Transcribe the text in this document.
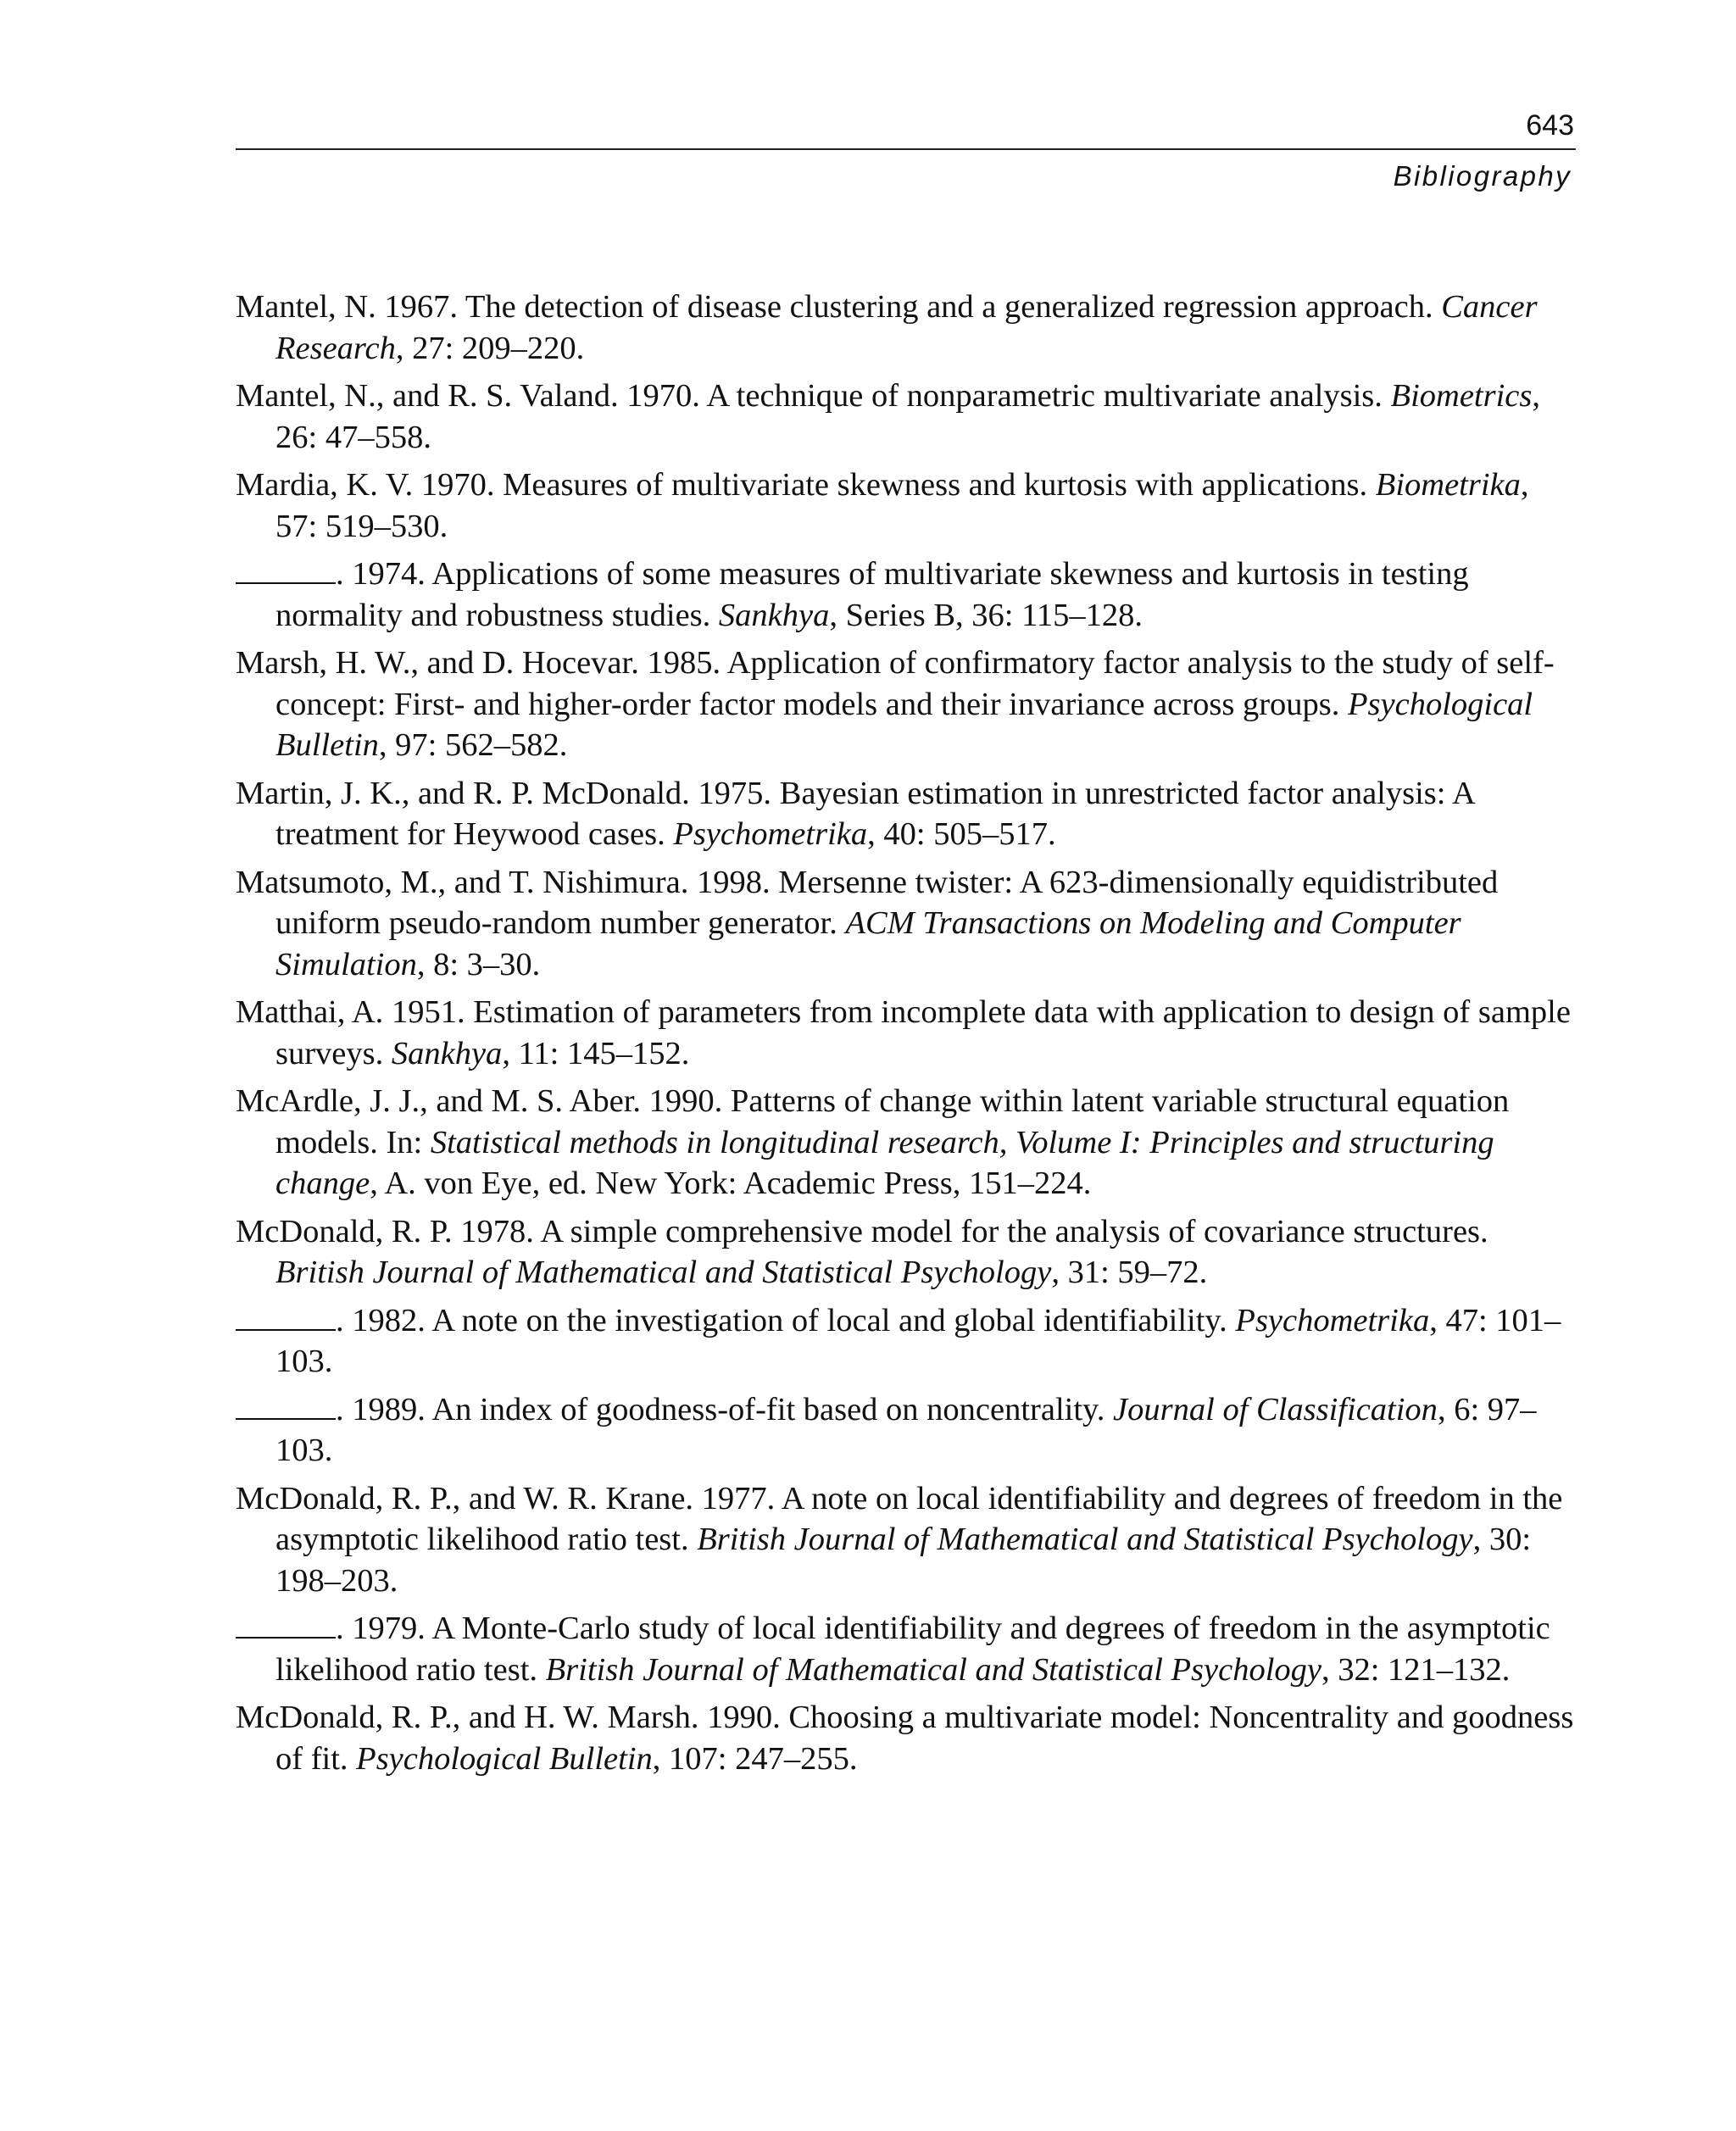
643
Bibliography

Mantel, N. 1967. The detection of disease clustering and a generalized regression approach. Cancer Research, 27: 209–220.

Mantel, N., and R. S. Valand. 1970. A technique of nonparametric multivariate analysis. Biometrics, 26: 47–558.

Mardia, K. V. 1970. Measures of multivariate skewness and kurtosis with applications. Biometrika, 57: 519–530.

. 1974. Applications of some measures of multivariate skewness and kurtosis in testing normality and robustness studies. Sankhya, Series B, 36: 115–128.

Marsh, H. W., and D. Hocevar. 1985. Application of confirmatory factor analysis to the study of self-concept: First- and higher-order factor models and their invariance across groups. Psychological Bulletin, 97: 562–582.

Martin, J. K., and R. P. McDonald. 1975. Bayesian estimation in unrestricted factor analysis: A treatment for Heywood cases. Psychometrika, 40: 505–517.

Matsumoto, M., and T. Nishimura. 1998. Mersenne twister: A 623-dimensionally equidistributed uniform pseudo-random number generator. ACM Transactions on Modeling and Computer Simulation, 8: 3–30.

Matthai, A. 1951. Estimation of parameters from incomplete data with application to design of sample surveys. Sankhya, 11: 145–152.

McArdle, J. J., and M. S. Aber. 1990. Patterns of change within latent variable structural equation models. In: Statistical methods in longitudinal research, Volume I: Principles and structuring change, A. von Eye, ed. New York: Academic Press, 151–224.

McDonald, R. P. 1978. A simple comprehensive model for the analysis of covariance structures. British Journal of Mathematical and Statistical Psychology, 31: 59–72.

. 1982. A note on the investigation of local and global identifiability. Psychometrika, 47: 101–103.

. 1989. An index of goodness-of-fit based on noncentrality. Journal of Classification, 6: 97–103.

McDonald, R. P., and W. R. Krane. 1977. A note on local identifiability and degrees of freedom in the asymptotic likelihood ratio test. British Journal of Mathematical and Statistical Psychology, 30: 198–203.

. 1979. A Monte-Carlo study of local identifiability and degrees of freedom in the asymptotic likelihood ratio test. British Journal of Mathematical and Statistical Psychology, 32: 121–132.

McDonald, R. P., and H. W. Marsh. 1990. Choosing a multivariate model: Noncentrality and goodness of fit. Psychological Bulletin, 107: 247–255.
